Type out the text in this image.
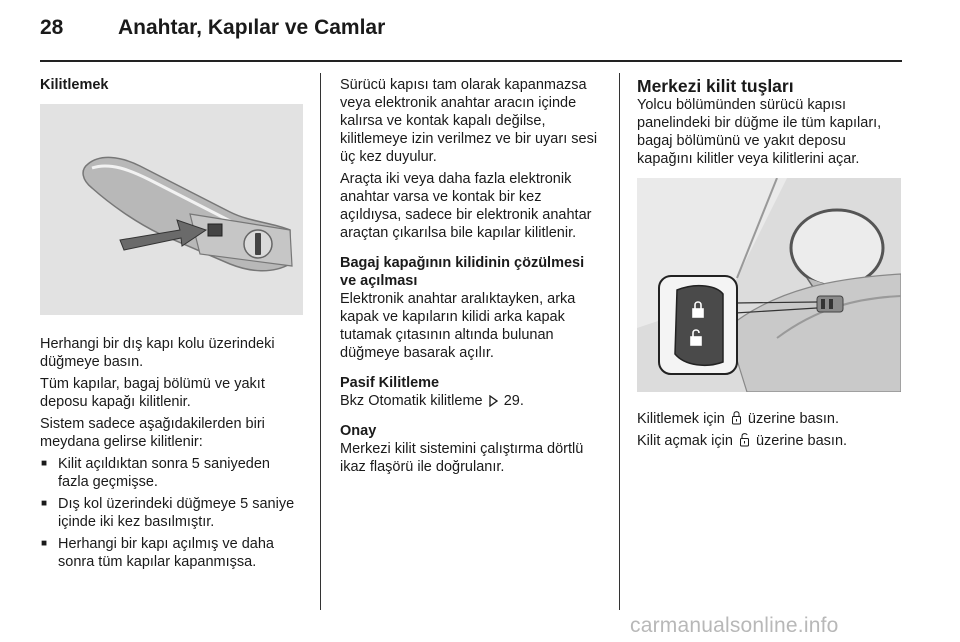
28	Anahtar, Kapılar ve Camlar
Kilitlemek

Herhangi bir dış kapı kolu üzerindeki düğmeye basın.

Tüm kapılar, bagaj bölümü ve yakıt deposu kapağı kilitlenir.

Sistem sadece aşağıdakilerden biri meydana gelirse kilitlenir:

■ Kilit açıldıktan sonra 5 saniyeden fazla geçmişse.
■ Dış kol üzerindeki düğmeye 5 saniye içinde iki kez basılmıştır.
■ Herhangi bir kapı açılmış ve daha sonra tüm kapılar kapanmışsa.

Sürücü kapısı tam olarak kapanmazsa veya elektronik anahtar aracın içinde kalırsa ve kontak kapalı değilse, kilitlemeye izin verilmez ve bir uyarı sesi üç kez duyulur.

Araçta iki veya daha fazla elektronik anahtar varsa ve kontak bir kez açıldıysa, sadece bir elektronik anahtar araçtan çıkarılsa bile kapılar kilitlenir.

Bagaj kapağının kilidinin çözülmesi ve açılması

Elektronik anahtar aralıktayken, arka kapak ve kapıların kilidi arka kapak tutamak çıtasının altında bulunan düğmeye basarak açılır.

Pasif Kilitleme

Bkz Otomatik kilitleme 29.

Onay

Merkezi kilit sistemini çalıştırma dörtlü ikaz flaşörü ile doğrulanır.

Merkezi kilit tuşları

Yolcu bölümünden sürücü kapısı panelindeki bir düğme ile tüm kapıları, bagaj bölümünü ve yakıt deposu kapağını kilitler veya kilitlerini açar.

Kilitlemek için üzerine basın.

Kilit açmak için üzerine basın.

carmanualsonline.info
